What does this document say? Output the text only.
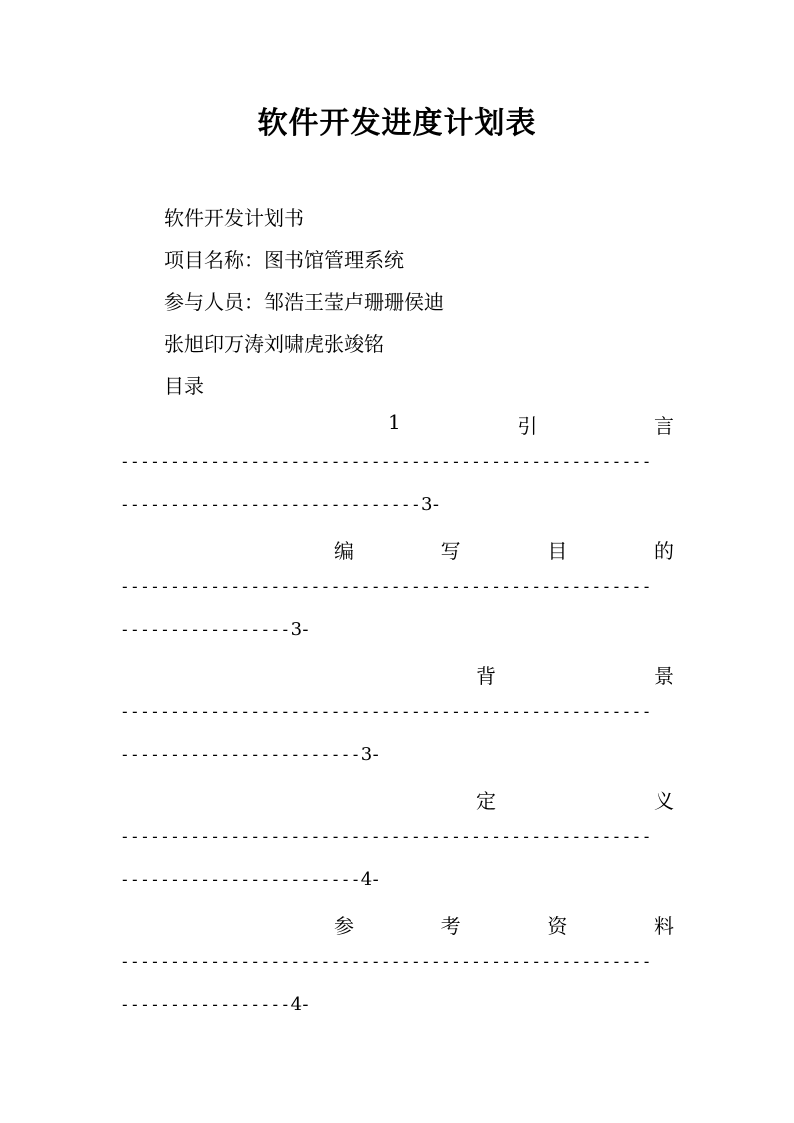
软件开发进度计划表
软件开发计划书
项目名称：图书馆管理系统
参与人员：邹浩王莹卢珊珊侯迪
张旭印万涛刘啸虎张竣铭
目录
1	引	言
-----------------------------------------------------
------------------------------3-
编	写	目	的
-----------------------------------------------------
-----------------3-
背	景
-----------------------------------------------------
------------------------3-
定	义
-----------------------------------------------------
------------------------4-
参	考	资	料
-----------------------------------------------------
-----------------4-
